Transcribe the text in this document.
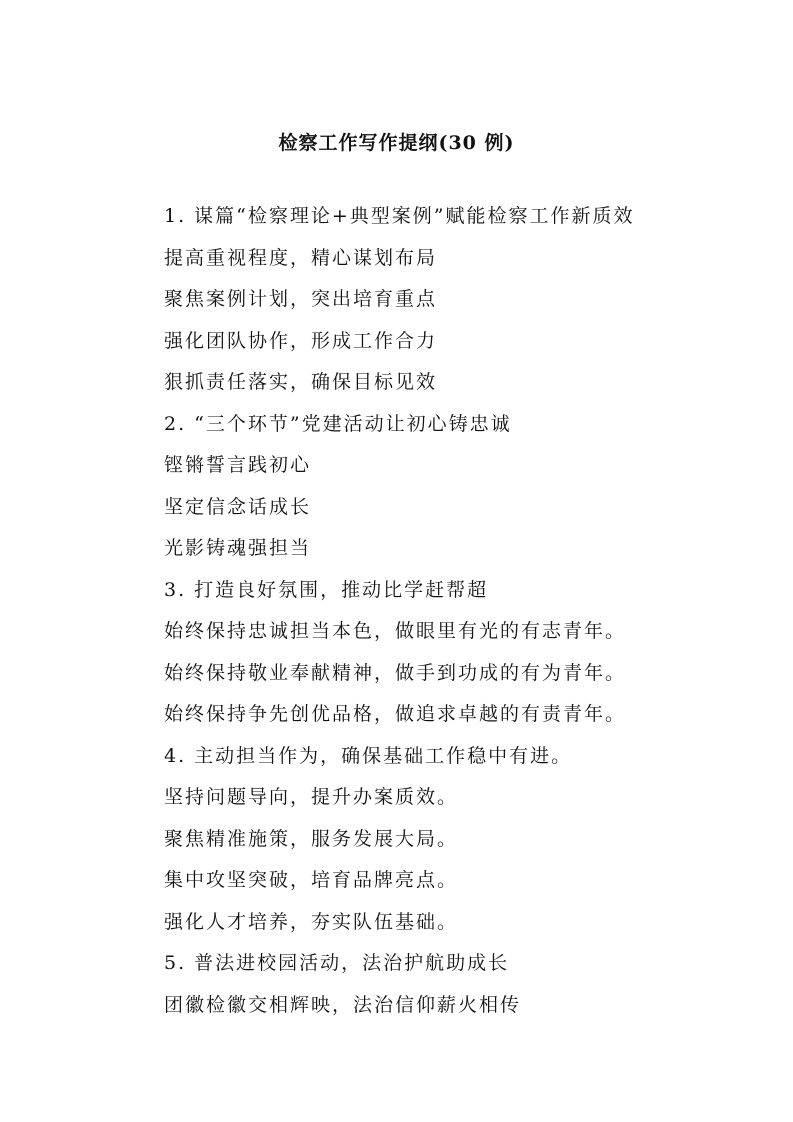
检察工作写作提纲(30 例)
1. 谋篇“检察理论+典型案例”赋能检察工作新质效
提高重视程度，精心谋划布局
聚焦案例计划，突出培育重点
强化团队协作，形成工作合力
狠抓责任落实，确保目标见效
2. “三个环节”党建活动让初心铸忠诚
铿锵誓言践初心
坚定信念话成长
光影铸魂强担当
3. 打造良好氛围，推动比学赶帮超
始终保持忠诚担当本色，做眼里有光的有志青年。
始终保持敬业奉献精神，做手到功成的有为青年。
始终保持争先创优品格，做追求卓越的有责青年。
4. 主动担当作为，确保基础工作稳中有进。
坚持问题导向，提升办案质效。
聚焦精准施策，服务发展大局。
集中攻坚突破，培育品牌亮点。
强化人才培养，夯实队伍基础。
5. 普法进校园活动，法治护航助成长
团徽检徽交相辉映，法治信仰薪火相传
